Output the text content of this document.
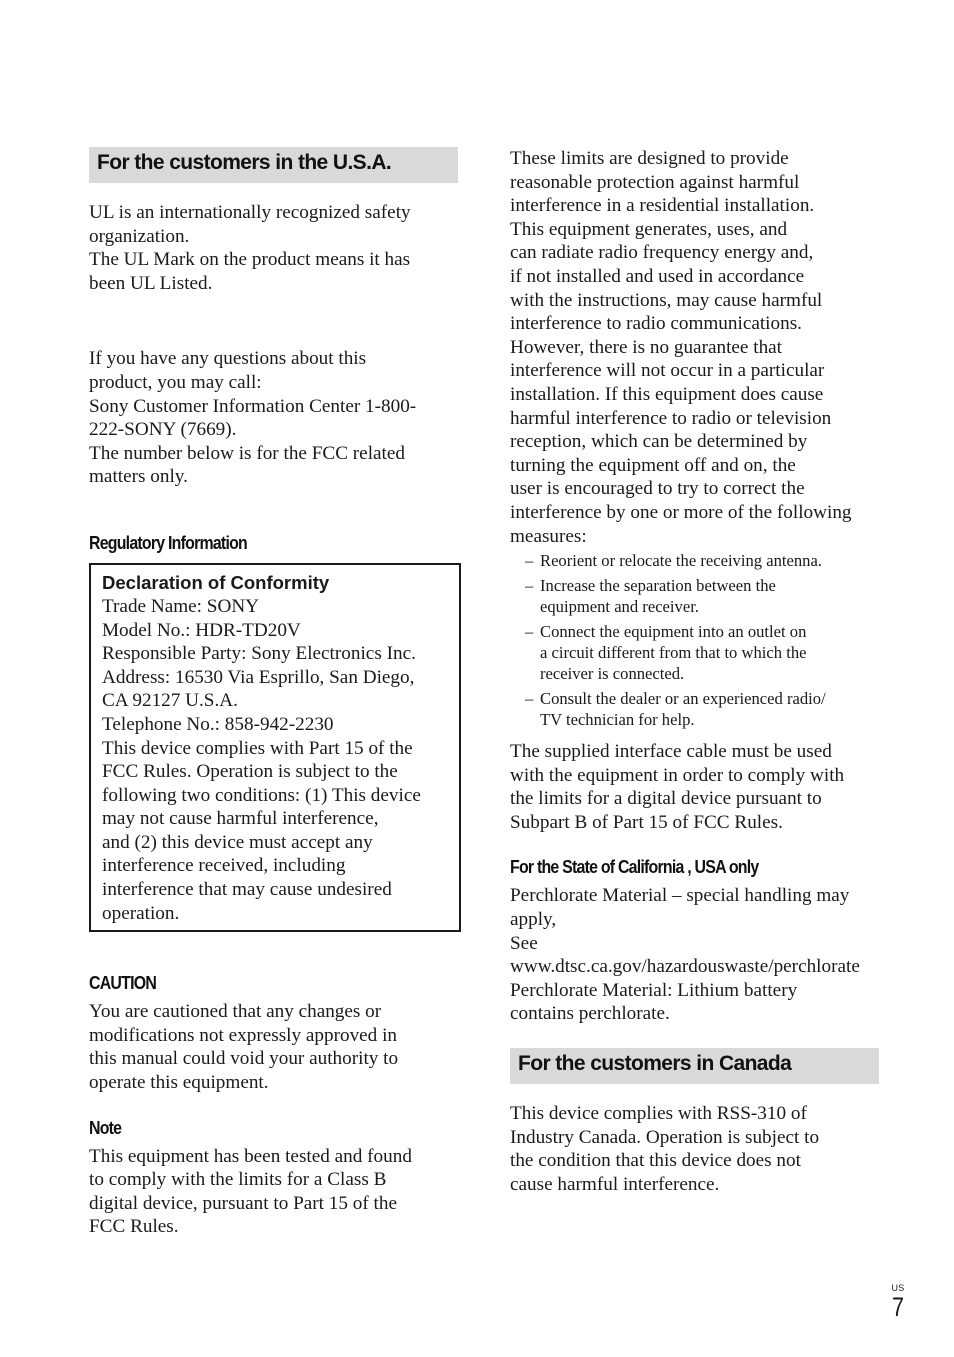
For the customers in the U.S.A.

UL is an internationally recognized safety
organization.
The UL Mark on the product means it has
been UL Listed.

If you have any questions about this
product, you may call:
Sony Customer Information Center 1-800-
222-SONY (7669).
The number below is for the FCC related
matters only.

Regulatory Information
Declaration of Conformity

Trade Name: SONY
Model No.: HDR-TD20V
Responsible Party: Sony Electronics Inc.
Address: 16530 Via Esprillo, San Diego,
CA 92127 U.S.A.
Telephone No.: 858-942-2230
This device complies with Part 15 of the
FCC Rules. Operation is subject to the
following two conditions: (1) This device
may not cause harmful interference,
and (2) this device must accept any
interference received, including
interference that may cause undesired
operation.

CAUTION

You are cautioned that any changes or
modifications not expressly approved in
this manual could void your authority to
operate this equipment.

Note

This equipment has been tested and found
to comply with the limits for a Class B
digital device, pursuant to Part 15 of the
FCC Rules.

These limits are designed to provide
reasonable protection against harmful
interference in a residential installation.
This equipment generates, uses, and
can radiate radio frequency energy and,
if not installed and used in accordance
with the instructions, may cause harmful
interference to radio communications.
However, there is no guarantee that
interference will not occur in a particular
installation. If this equipment does cause
harmful interference to radio or television
reception, which can be determined by
turning the equipment off and on, the
user is encouraged to try to correct the
interference by one or more of the following
measures:

– Reorient or relocate the receiving antenna.
– Increase the separation between the
equipment and receiver.
– Connect the equipment into an outlet on
a circuit different from that to which the
receiver is connected.
– Consult the dealer or an experienced radio/
TV technician for help.

The supplied interface cable must be used
with the equipment in order to comply with
the limits for a digital device pursuant to
Subpart B of Part 15 of FCC Rules.

For the State of California , USA only

Perchlorate Material – special handling may
apply,
See
www.dtsc.ca.gov/hazardouswaste/perchlorate
Perchlorate Material: Lithium battery
contains perchlorate.

For the customers in Canada

This device complies with RSS-310 of
Industry Canada. Operation is subject to
the condition that this device does not
cause harmful interference.

US
7
